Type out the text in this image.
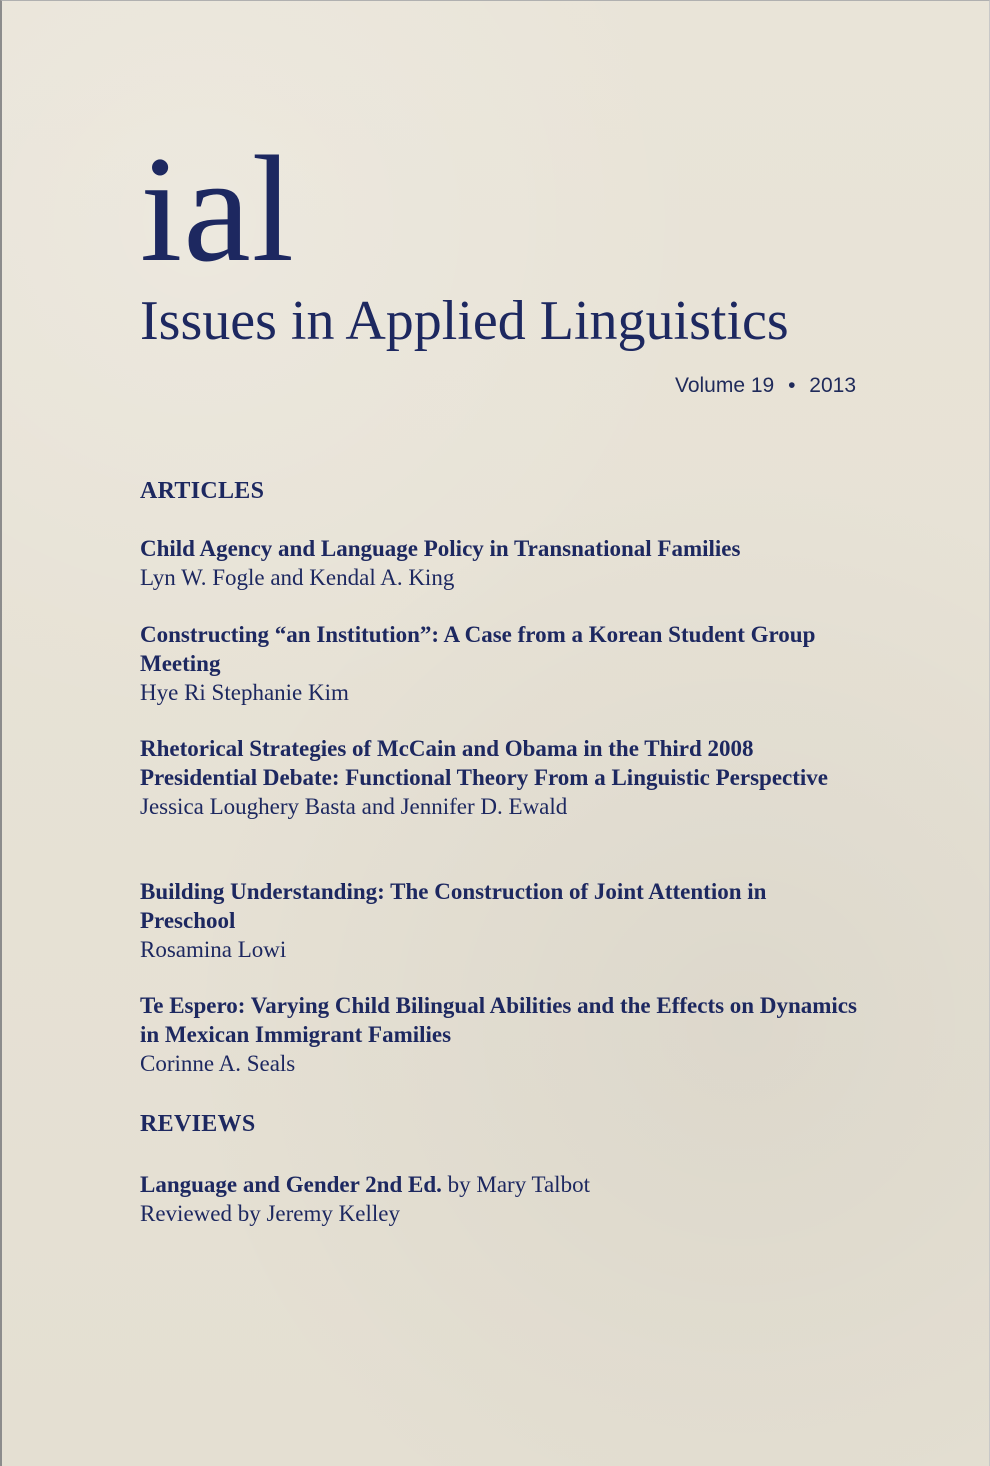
ial
Issues in Applied Linguistics
Volume 19 • 2013
ARTICLES
Child Agency and Language Policy in Transnational Families
Lyn W. Fogle and Kendal A. King
Constructing “an Institution”: A Case from a Korean Student Group Meeting
Hye Ri Stephanie Kim
Rhetorical Strategies of McCain and Obama in the Third 2008 Presidential Debate: Functional Theory From a Linguistic Perspective
Jessica Loughery Basta and Jennifer D. Ewald
Building Understanding: The Construction of Joint Attention in Preschool
Rosamina Lowi
Te Espero: Varying Child Bilingual Abilities and the Effects on Dynamics in Mexican Immigrant Families
Corinne A. Seals
REVIEWS
Language and Gender 2nd Ed. by Mary Talbot
Reviewed by Jeremy Kelley
